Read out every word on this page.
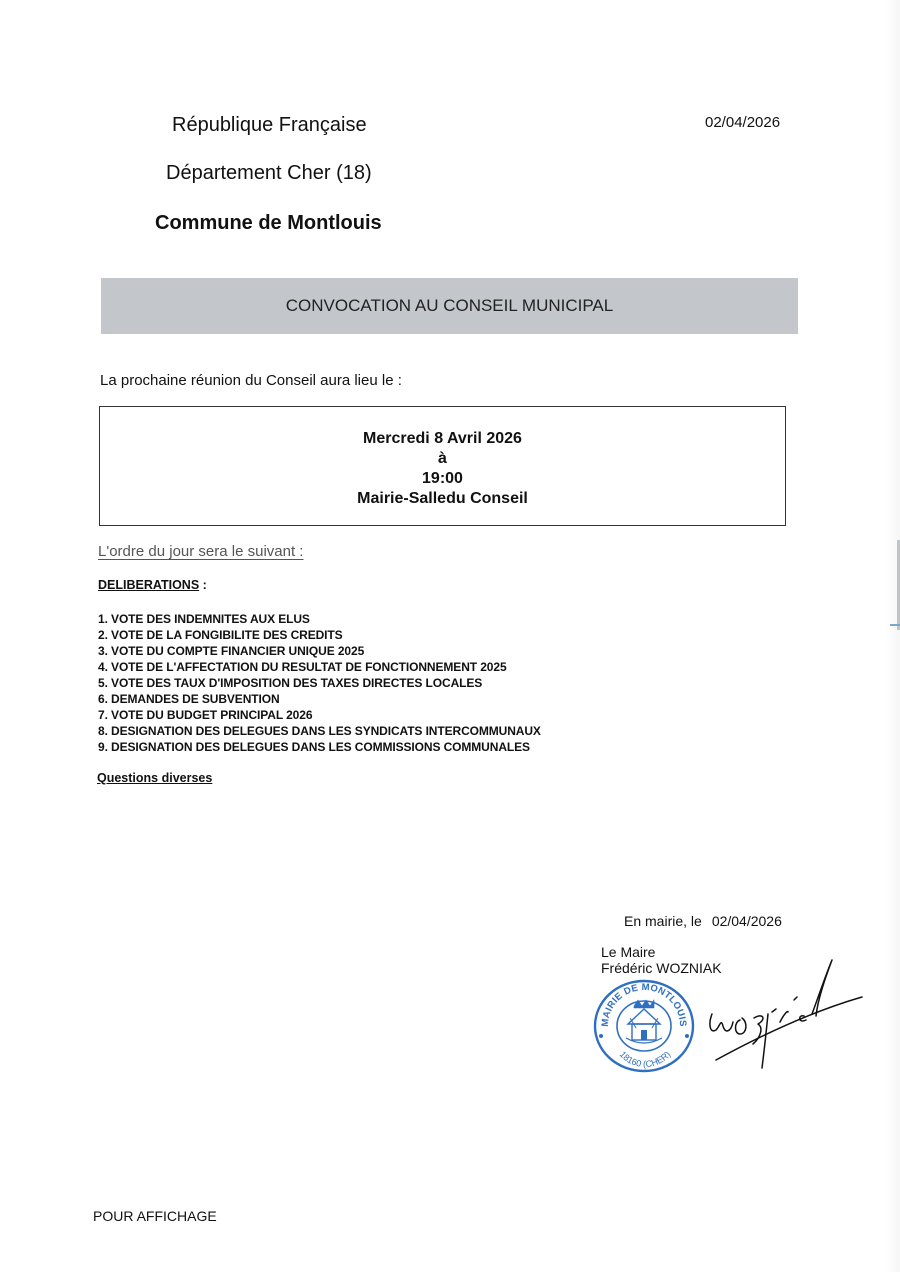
République Française
Département Cher (18)
Commune de Montlouis
02/04/2026
CONVOCATION AU CONSEIL MUNICIPAL
La prochaine réunion du Conseil aura lieu le :
Mercredi 8 Avril 2026
à
19:00
Mairie-Salledu Conseil
L'ordre du jour sera le suivant :
DELIBERATIONS :
1. VOTE DES INDEMNITES AUX ELUS
2. VOTE DE LA FONGIBILITE DES CREDITS
3. VOTE DU COMPTE FINANCIER UNIQUE 2025
4. VOTE DE L'AFFECTATION DU RESULTAT DE FONCTIONNEMENT 2025
5. VOTE DES TAUX D'IMPOSITION DES TAXES DIRECTES LOCALES
6. DEMANDES DE SUBVENTION
7. VOTE DU BUDGET PRINCIPAL 2026
8. DESIGNATION DES DELEGUES DANS LES SYNDICATS INTERCOMMUNAUX
9. DESIGNATION DES DELEGUES DANS LES COMMISSIONS COMMUNALES
Questions diverses
En mairie, le 02/04/2026
Le Maire
Frédéric WOZNIAK
MAIRIE DE MONTLOUIS
18160 (CHER)
POUR AFFICHAGE
